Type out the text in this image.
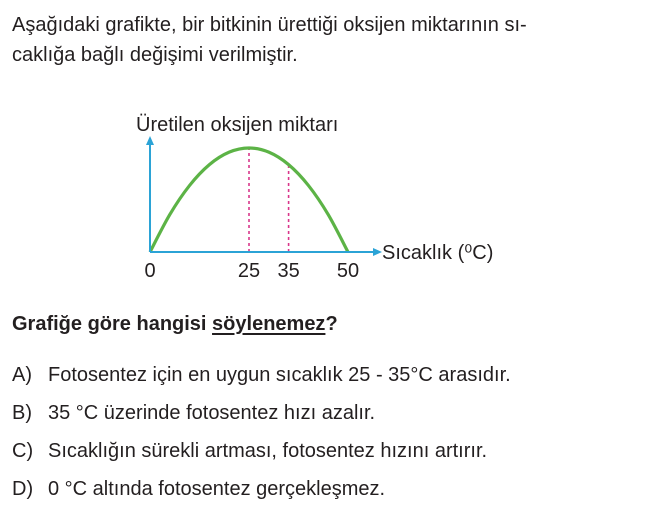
Aşağıdaki grafikte, bir bitkinin ürettiği oksijen miktarının sı-
caklığa bağlı değişimi verilmiştir.
Üretilen oksijen miktarı
Sıcaklık (⁰C)
0	25 35 50
Grafiğe göre hangisi söylenemez?
A) Fotosentez için en uygun sıcaklık 25 - 35°C arasıdır.
B) 35 °C üzerinde fotosentez hızı azalır.
C) Sıcaklığın sürekli artması, fotosentez hızını artırır.
D) 0 °C altında fotosentez gerçekleşmez.
